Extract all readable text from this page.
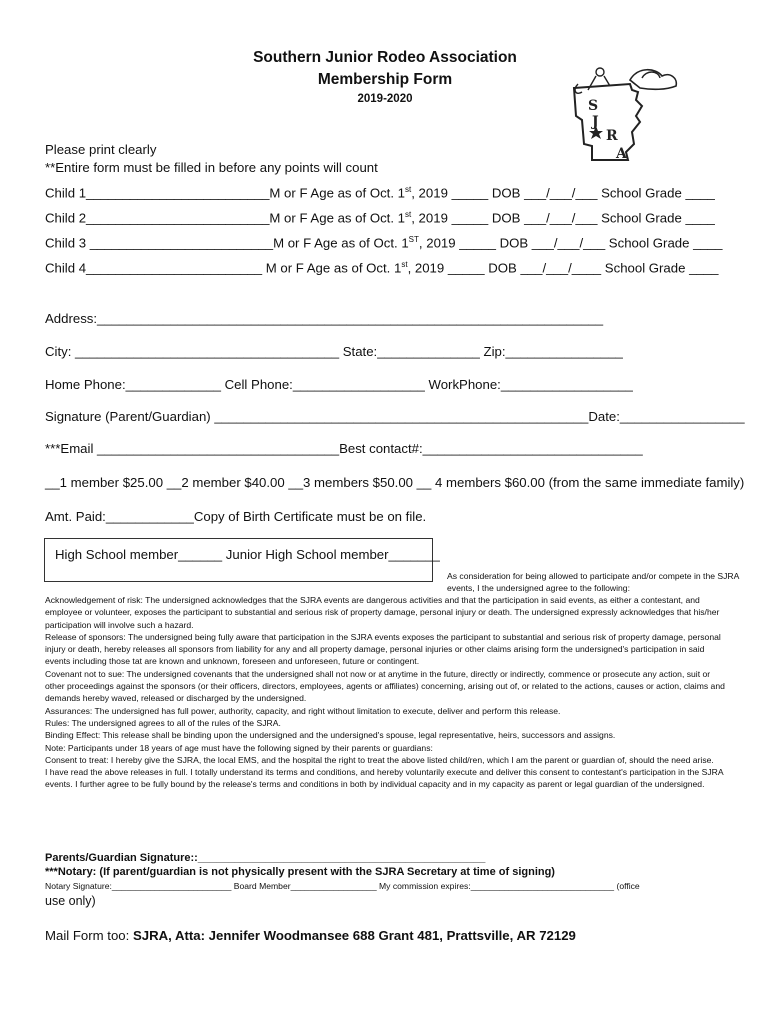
Southern Junior Rodeo Association
Membership Form
2019-2020	S
J
R
A
Please print clearly
**Entire form must be filled in before any points will count
Child 1_________________________M or F Age as of Oct. 1st, 2019 _____ DOB ___/___/___ School Grade ____
Child 2_________________________M or F Age as of Oct. 1st, 2019 _____ DOB ___/___/___ School Grade ____
Child 3 _________________________M or F Age as of Oct. 1ST, 2019 _____ DOB ___/___/___ School Grade ____
Child 4________________________ M or F Age as of Oct. 1st, 2019 _____ DOB ___/___/____ School Grade ____
Address:_____________________________________________________________________
City: ____________________________________ State:______________ Zip:________________
Home Phone:_____________ Cell Phone:__________________ WorkPhone:__________________
Signature (Parent/Guardian) ___________________________________________________Date:_________________
***Email _________________________________Best contact#:______________________________
__1 member $25.00 __2 member $40.00 __3 members $50.00 __ 4 members $60.00 (from the same immediate family)
Amt. Paid:____________Copy of Birth Certificate must be on file.
High School member______ Junior High School member_______
As consideration for being allowed to participate and/or compete in the SJRA events, I the undersigned agree to the following:
Acknowledgement of risk: The undersigned acknowledges that the SJRA events are dangerous activities and that the participation in said events, as either a contestant, and employee or volunteer, exposes the participant to substantial and serious risk of property damage, personal injury or death. The undersigned expressly acknowledges that his/her participation will involve such a hazard.
Release of sponsors: The undersigned being fully aware that participation in the SJRA events exposes the participant to substantial and serious risk of property damage, personal injury or death, hereby releases all sponsors from liability for any and all property damage, personal injuries or other claims arising form the undersigned's participation in said events including those tat are known and unknown, foreseen and unforeseen, future or contingent.
Covenant not to sue: The undersigned covenants that the undersigned shall not now or at anytime in the future, directly or indirectly, commence or prosecute any action, suit or other proceedings against the sponsors (or their officers, directors, employees, agents or affiliates) concerning, arising out of, or related to the actions, causes or action, claims and demands hereby waved, released or discharged by the undersigned.
Assurances: The undersigned has full power, authority, capacity, and right without limitation to execute, deliver and perform this release.
Rules: The undersigned agrees to all of the rules of the SJRA.
Binding Effect: This release shall be binding upon the undersigned and the undersigned's spouse, legal representative, heirs, successors and assigns.
Note: Participants under 18 years of age must have the following signed by their parents or guardians:
Consent to treat: I hereby give the SJRA, the local EMS, and the hospital the right to treat the above listed child/ren, which I am the parent or guardian of, should the need arise.
I have read the above releases in full. I totally understand its terms and conditions, and hereby voluntarily execute and deliver this consent to contestant's participation in the SJRA events. I further agree to be fully bound by the release's terms and conditions in both by individual capacity and in my capacity as parent or legal guardian of the undersigned.
Parents/Guardian Signature::_______________________________________________
***Notary: (If parent/guardian is not physically present with the SJRA Secretary at time of signing)
Notary Signature:_________________________ Board Member__________________ My commission expires:______________________________ (office
use only)
Mail Form too: SJRA, Atta: Jennifer Woodmansee 688 Grant 481, Prattsville, AR 72129
